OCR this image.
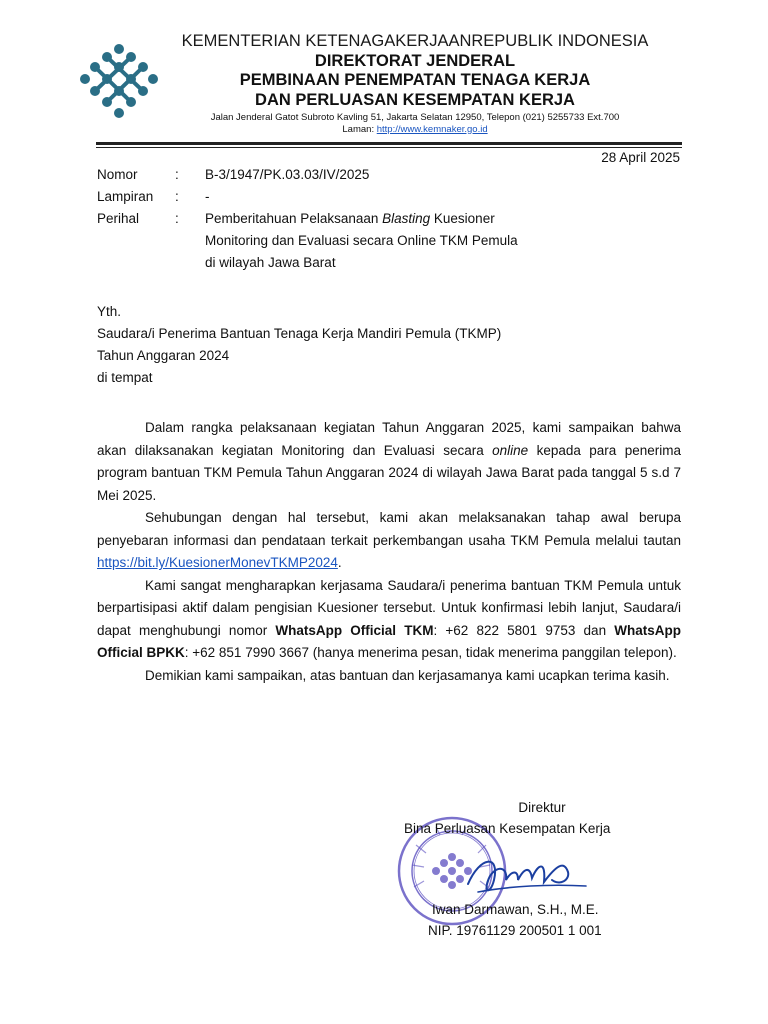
KEMENTERIAN KETENAGAKERJAANREPUBLIK INDONESIA
DIREKTORAT JENDERAL
PEMBINAAN PENEMPATAN TENAGA KERJA
DAN PERLUASAN KESEMPATAN KERJA
Jalan Jenderal Gatot Subroto Kavling 51, Jakarta Selatan 12950, Telepon (021) 5255733 Ext.700
Laman: http://www.kemnaker.go.id
28 April 2025
Nomor	:	B-3/1947/PK.03.03/IV/2025
Lampiran	:	-
Perihal	:	Pemberitahuan Pelaksanaan Blasting Kuesioner
Monitoring dan Evaluasi secara Online TKM Pemula
di wilayah Jawa Barat
Yth.
Saudara/i Penerima Bantuan Tenaga Kerja Mandiri Pemula (TKMP)
Tahun Anggaran 2024
di tempat

Dalam rangka pelaksanaan kegiatan Tahun Anggaran 2025, kami sampaikan bahwa akan dilaksanakan kegiatan Monitoring dan Evaluasi secara online kepada para penerima program bantuan TKM Pemula Tahun Anggaran 2024 di wilayah Jawa Barat pada tanggal 5 s.d 7 Mei 2025.

Sehubungan dengan hal tersebut, kami akan melaksanakan tahap awal berupa penyebaran informasi dan pendataan terkait perkembangan usaha TKM Pemula melalui tautan https://bit.ly/KuesionerMonevTKMP2024.

Kami sangat mengharapkan kerjasama Saudara/i penerima bantuan TKM Pemula untuk berpartisipasi aktif dalam pengisian Kuesioner tersebut. Untuk konfirmasi lebih lanjut, Saudara/i dapat menghubungi nomor WhatsApp Official TKM: +62 822 5801 9753 dan WhatsApp Official BPKK: +62 851 7990 3667 (hanya menerima pesan, tidak menerima panggilan telepon).

Demikian kami sampaikan, atas bantuan dan kerjasamanya kami ucapkan terima kasih.

Direktur
Bina Perluasan Kesempatan Kerja
Iwan Darmawan, S.H., M.E.
NIP. 19761129 200501 1 001
